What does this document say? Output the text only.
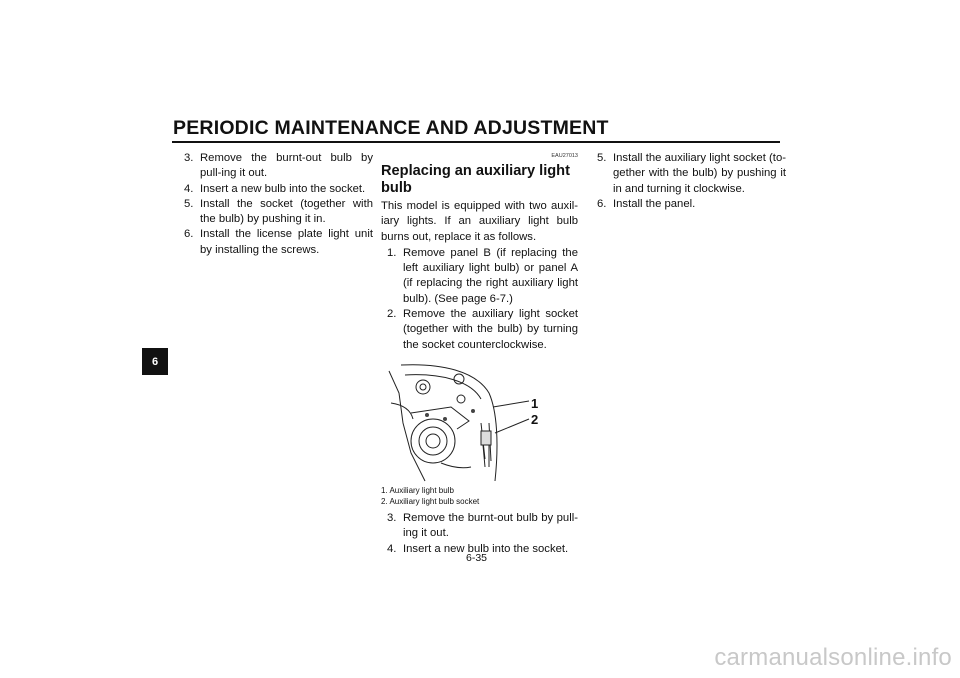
PERIODIC MAINTENANCE AND ADJUSTMENT
6
3. Remove the burnt-out bulb by pull-ing it out.
4. Insert a new bulb into the socket.
5. Install the socket (together with the bulb) by pushing it in.
6. Install the license plate light unit by installing the screws.
EAU27013
Replacing an auxiliary light bulb
This model is equipped with two auxil-iary lights. If an auxiliary light bulb burns out, replace it as follows.
1. Remove panel B (if replacing the left auxiliary light bulb) or panel A (if replacing the right auxiliary light bulb). (See page 6-7.)
2. Remove the auxiliary light socket (together with the bulb) by turning the socket counterclockwise.
1
2
1. Auxiliary light bulb
2. Auxiliary light bulb socket
3. Remove the burnt-out bulb by pull-ing it out.
4. Insert a new bulb into the socket.
5. Install the auxiliary light socket (to-gether with the bulb) by pushing it in and turning it clockwise.
6. Install the panel.
6-35
carmanualsonline.info
